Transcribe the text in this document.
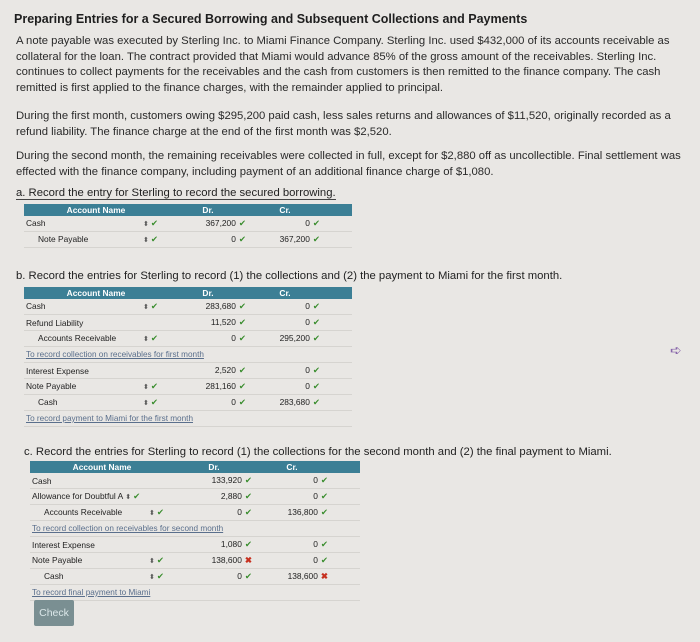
Preparing Entries for a Secured Borrowing and Subsequent Collections and Payments
A note payable was executed by Sterling Inc. to Miami Finance Company. Sterling Inc. used $432,000 of its accounts receivable as collateral for the loan. The contract provided that Miami would advance 85% of the gross amount of the receivables. Sterling Inc. continues to collect payments for the receivables and the cash from customers is then remitted to the finance company. The cash remitted is first applied to the finance charges, with the remainder applied to principal.
During the first month, customers owing $295,200 paid cash, less sales returns and allowances of $11,520, originally recorded as a refund liability. The finance charge at the end of the first month was $2,520.
During the second month, the remaining receivables were collected in full, except for $2,880 off as uncollectible. Final settlement was effected with the finance company, including payment of an additional finance charge of $1,080.
a. Record the entry for Sterling to record the secured borrowing.
Account Name	Dr.	Cr.	
Cash ⬍ ✔	367,200 ✔	0 ✔	
Note Payable ⬍ ✔	0 ✔	367,200 ✔	
b. Record the entries for Sterling to record (1) the collections and (2) the payment to Miami for the first month.
Account Name	Dr.	Cr.	
Cash ⬍ ✔	283,680 ✔	0 ✔	
Refund Liability	11,520 ✔	0 ✔	
Accounts Receivable ⬍ ✔	0 ✔	295,200 ✔	
To record collection on receivables for first month			
Interest Expense	2,520 ✔	0 ✔	
Note Payable ⬍ ✔	281,160 ✔	0 ✔	
Cash ⬍ ✔	0 ✔	283,680 ✔	
To record payment to Miami for the first month			
➪
c. Record the entries for Sterling to record (1) the collections for the second month and (2) the final payment to Miami.
Account Name	Dr.	Cr.	
Cash	133,920 ✔	0 ✔	
Allowance for Doubtful A ⬍ ✔	2,880 ✔	0 ✔	
Accounts Receivable ⬍ ✔	0 ✔	136,800 ✔	
To record collection on receivables for second month			
Interest Expense	1,080 ✔	0 ✔	
Note Payable ⬍ ✔	138,600 ✖	0 ✔	
Cash ⬍ ✔	0 ✔	138,600 ✖	
To record final payment to Miami			
Check
